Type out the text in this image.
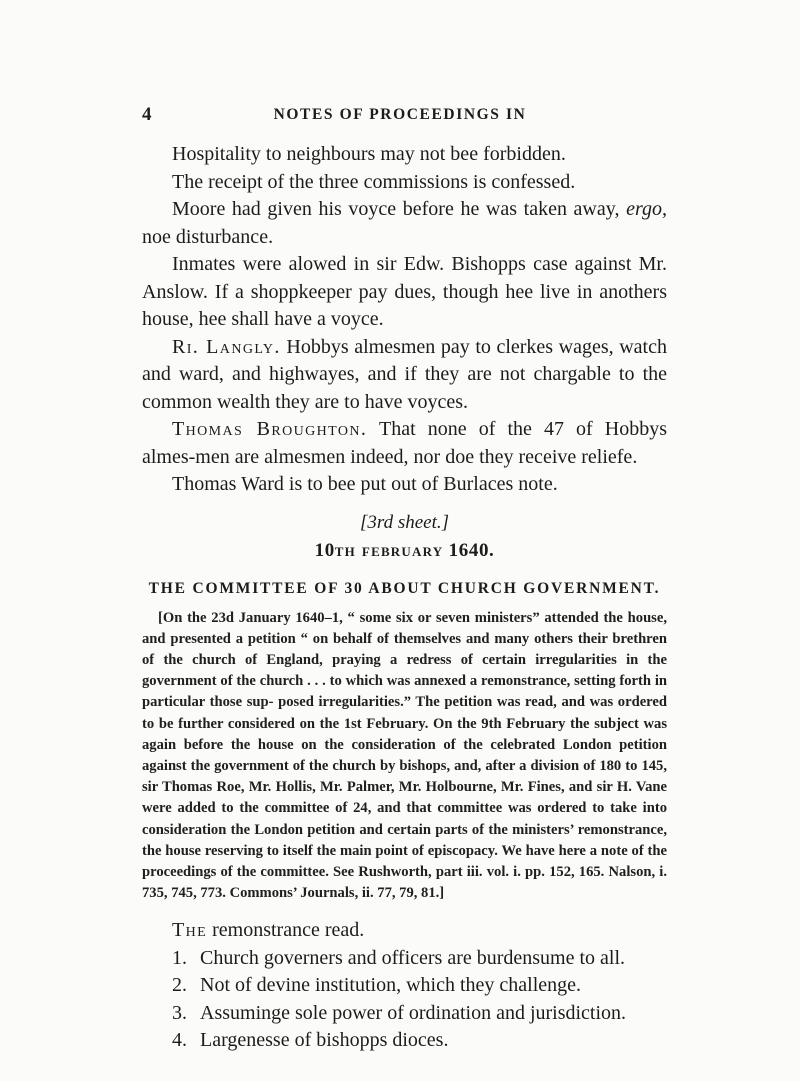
4	NOTES OF PROCEEDINGS IN

Hospitality to neighbours may not bee forbidden.

The receipt of the three commissions is confessed.

Moore had given his voyce before he was taken away, ergo, noe disturbance.

Inmates were alowed in sir Edw. Bishopps case against Mr. Anslow. If a shoppkeeper pay dues, though hee live in anothers house, hee shall have a voyce.

Ri. Langly. Hobbys almesmen pay to clerkes wages, watch and ward, and highwayes, and if they are not chargable to the common wealth they are to have voyces.

Thomas Broughton. That none of the 47 of Hobbys almes-men are almesmen indeed, nor doe they receive reliefe.

Thomas Ward is to bee put out of Burlaces note.

[3rd sheet.]

10th february 1640.

THE COMMITTEE OF 30 ABOUT CHURCH GOVERNMENT.

[On the 23d January 1640–1, “ some six or seven ministers” attended the house, and presented a petition “ on behalf of themselves and many others their brethren of the church of England, praying a redress of certain irregularities in the government of the church . . . to which was annexed a remonstrance, setting forth in particular those sup- posed irregularities.” The petition was read, and was ordered to be further considered on the 1st February. On the 9th February the subject was again before the house on the consideration of the celebrated London petition against the government of the church by bishops, and, after a division of 180 to 145, sir Thomas Roe, Mr. Hollis, Mr. Palmer, Mr. Holbourne, Mr. Fines, and sir H. Vane were added to the committee of 24, and that committee was ordered to take into consideration the London petition and certain parts of the ministers’ remonstrance, the house reserving to itself the main point of episcopacy. We have here a note of the proceedings of the committee. See Rushworth, part iii. vol. i. pp. 152, 165. Nalson, i. 735, 745, 773. Commons’ Journals, ii. 77, 79, 81.]

The remonstrance read.

1. Church governers and officers are burdensume to all.
2. Not of devine institution, which they challenge.
3. Assuminge sole power of ordination and jurisdiction.
4. Largenesse of bishopps dioces.
